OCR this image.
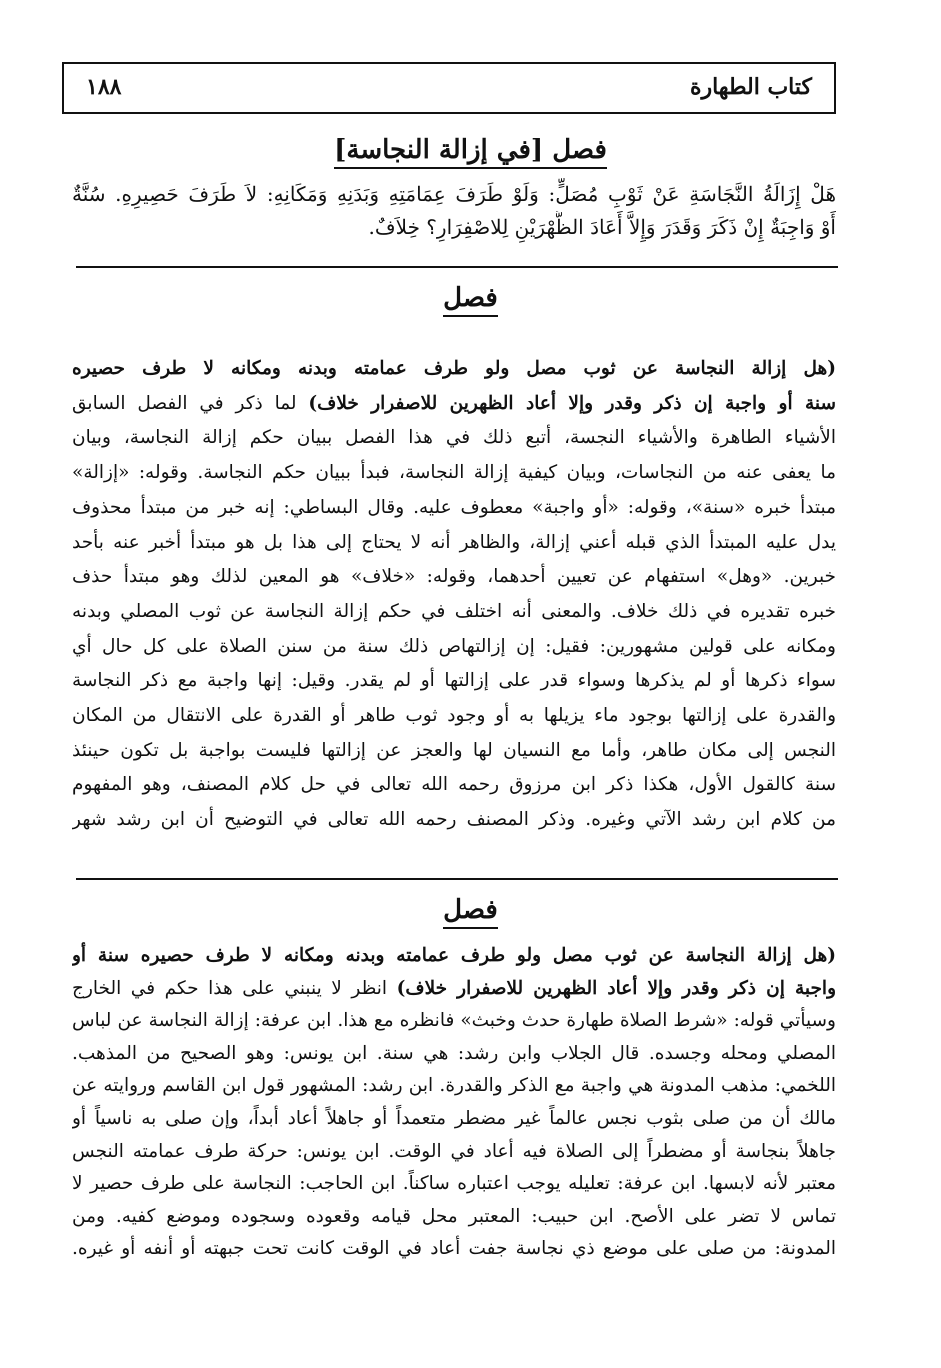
١٨٨	كتاب الطهارة
فصل [في إزالة النجاسة]
هَلْ إِزَالَةُ النَّجَاسَةِ عَنْ ثَوْبِ مُصَلٍّ: وَلَوْ طَرَفَ عِمَامَتِهِ وَبَدَنِهِ وَمَكَانِهِ: لاَ طَرَفَ حَصِيرِهِ. سُنَّةٌ
أَوْ وَاجِبَةٌ إِنْ ذَكَرَ وَقَدَرَ وَإِلاَّ أَعَادَ الظُّهْرَيْنِ لِلاصْفِرَارِ؟ خِلاَفٌ.
فصل
(هل إزالة النجاسة عن ثوب مصل ولو طرف عمامته وبدنه ومكانه لا طرف حصيره
سنة أو واجبة إن ذكر وقدر وإلا أعاد الظهرين للاصفرار خلاف) لما ذكر في الفصل السابق
الأشياء الطاهرة والأشياء النجسة، أتبع ذلك في هذا الفصل ببيان حكم إزالة النجاسة، وبيان
ما يعفى عنه من النجاسات، وبيان كيفية إزالة النجاسة، فبدأ ببيان حكم النجاسة. وقوله: «إزالة»
مبتدأ خبره «سنة»، وقوله: «أو واجبة» معطوف عليه. وقال البساطي: إنه خبر من مبتدأ محذوف
يدل عليه المبتدأ الذي قبله أعني إزالة، والظاهر أنه لا يحتاج إلى هذا بل هو مبتدأ أخبر عنه بأحد
خبرين. «وهل» استفهام عن تعيين أحدهما، وقوله: «خلاف» هو المعين لذلك وهو مبتدأ حذف
خبره تقديره في ذلك خلاف. والمعنى أنه اختلف في حكم إزالة النجاسة عن ثوب المصلي وبدنه
ومكانه على قولين مشهورين: فقيل: إن إزالتهاص ذلك سنة من سنن الصلاة على كل حال أي
سواء ذكرها أو لم يذكرها وسواء قدر على إزالتها أو لم يقدر. وقيل: إنها واجبة مع ذكر النجاسة
والقدرة على إزالتها بوجود ماء يزيلها به أو وجود ثوب طاهر أو القدرة على الانتقال من المكان
النجس إلى مكان طاهر، وأما مع النسيان لها والعجز عن إزالتها فليست بواجبة بل تكون حينئذ
سنة كالقول الأول، هكذا ذكر ابن مرزوق رحمه الله تعالى في حل كلام المصنف، وهو المفهوم
من كلام ابن رشد الآتي وغيره. وذكر المصنف رحمه الله تعالى في التوضيح أن ابن رشد شهر
فصل
(هل إزالة النجاسة عن ثوب مصل ولو طرف عمامته وبدنه ومكانه لا طرف حصيره سنة أو
واجبة إن ذكر وقدر وإلا أعاد الظهرين للاصفرار خلاف) انظر لا ينبني على هذا حكم في الخارج
وسيأتي قوله: «شرط الصلاة طهارة حدث وخبث» فانظره مع هذا. ابن عرفة: إزالة النجاسة عن لباس
المصلي ومحله وجسده. قال الجلاب وابن رشد: هي سنة. ابن يونس: وهو الصحيح من المذهب.
اللخمي: مذهب المدونة هي واجبة مع الذكر والقدرة. ابن رشد: المشهور قول ابن القاسم وروايته عن
مالك أن من صلى بثوب نجس عالماً غير مضطر متعمداً أو جاهلاً أعاد أبداً، وإن صلى به ناسياً أو
جاهلاً بنجاسة أو مضطراً إلى الصلاة فيه أعاد في الوقت. ابن يونس: حركة طرف عمامته النجس
معتبر لأنه لابسها. ابن عرفة: تعليله يوجب اعتباره ساكناً. ابن الحاجب: النجاسة على طرف حصير لا
تماس لا تضر على الأصح. ابن حبيب: المعتبر محل قيامه وقعوده وسجوده وموضع كفيه. ومن
المدونة: من صلى على موضع ذي نجاسة جفت أعاد في الوقت كانت تحت جبهته أو أنفه أو غيره.
